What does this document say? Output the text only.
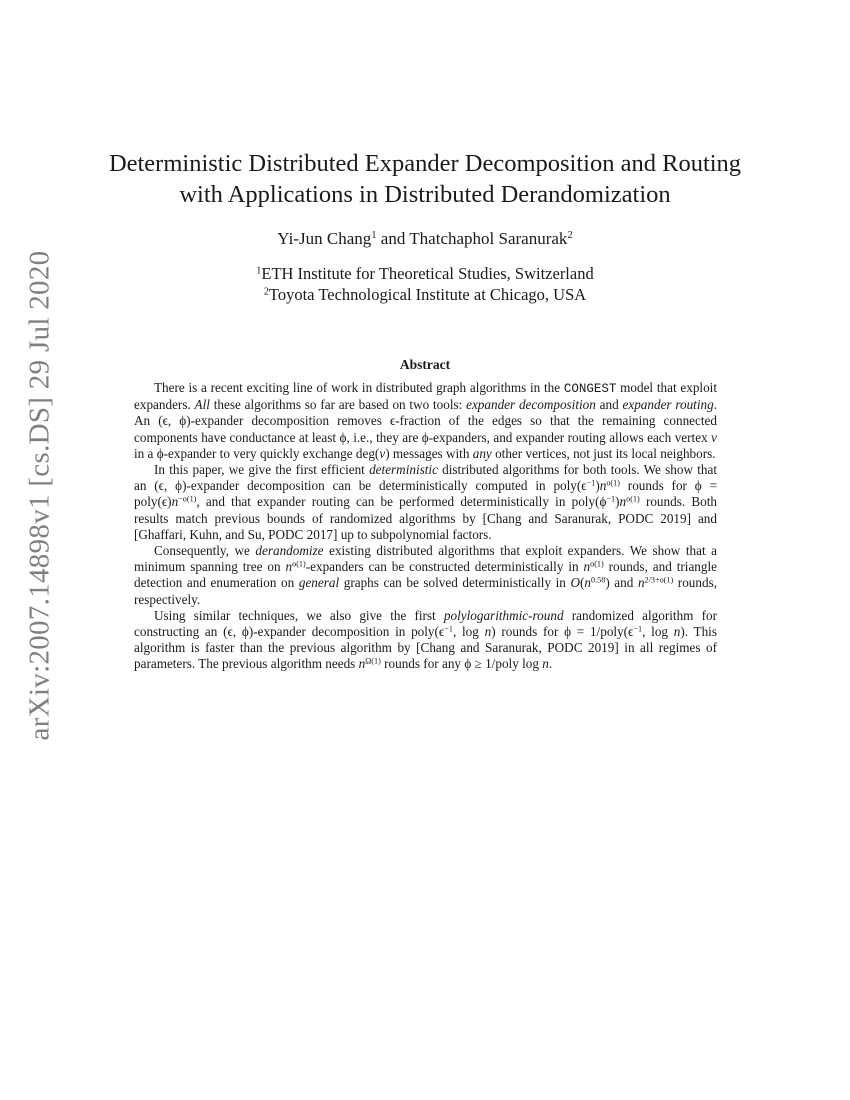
arXiv:2007.14898v1 [cs.DS] 29 Jul 2020
Deterministic Distributed Expander Decomposition and Routing
with Applications in Distributed Derandomization
Yi-Jun Chang$^1$ and Thatchaphol Saranurak$^2$
$^1$ETH Institute for Theoretical Studies, Switzerland
$^2$Toyota Technological Institute at Chicago, USA
Abstract

There is a recent exciting line of work in distributed graph algorithms in the CONGEST model that exploit expanders. All these algorithms so far are based on two tools: expander decomposition and expander routing. An (ϵ, ϕ)-expander decomposition removes ϵ-fraction of the edges so that the remaining connected components have conductance at least ϕ, i.e., they are ϕ-expanders, and expander routing allows each vertex v in a ϕ-expander to very quickly exchange deg(v) messages with any other vertices, not just its local neighbors.

In this paper, we give the first efficient deterministic distributed algorithms for both tools. We show that an (ϵ, ϕ)-expander decomposition can be deterministically computed in $poly(\epsilon^{-1})n^{o(1)}$ rounds for $\phi = poly(\epsilon)n^{-o(1)}$, and that expander routing can be performed deterministically in $poly(\phi^{-1})n^{o(1)}$ rounds. Both results match previous bounds of randomized algorithms by [Chang and Saranurak, PODC 2019] and [Ghaffari, Kuhn, and Su, PODC 2017] up to subpolynomial factors.

Consequently, we derandomize existing distributed algorithms that exploit expanders. We show that a minimum spanning tree on $n^{o(1)}$-expanders can be constructed deterministically in $n^{o(1)}$ rounds, and triangle detection and enumeration on general graphs can be solved deterministically in $O(n^{0.58})$ and $n^{2/3+o(1)}$ rounds, respectively.

Using similar techniques, we also give the first polylogarithmic-round randomized algorithm for constructing an (ϵ, ϕ)-expander decomposition in $poly(\epsilon^{-1}$, log n) rounds for $\phi = 1/poly(\epsilon^{-1}$, log n). This algorithm is faster than the previous algorithm by [Chang and Saranurak, PODC 2019] in all regimes of parameters. The previous algorithm needs $n^{\Omega(1)}$ rounds for any ϕ ≥ 1/poly log n.
